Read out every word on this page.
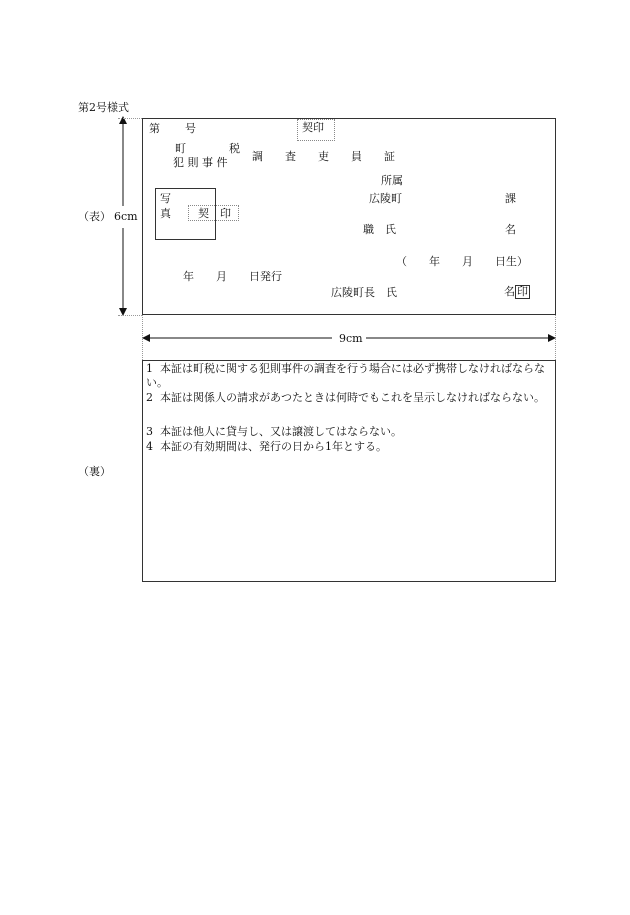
第2号様式
（表） 6cm
第 号	契印
町	税
犯 則 事 件 調　　査　　吏　　員　　証
所属
広陵町	課
写
真 契　印
職　氏	名
（　　年　　月　　日生）
年　　月　　日発行
広陵町長　氏	名 印
9cm
（裏）
1 本証は町税に関する犯則事件の調査を行う場合には必ず携帯しなければならない。
2 本証は関係人の請求があつたときは何時でもこれを呈示しなければならない。
3 本証は他人に貸与し、又は譲渡してはならない。
4 本証の有効期間は、発行の日から1年とする。
